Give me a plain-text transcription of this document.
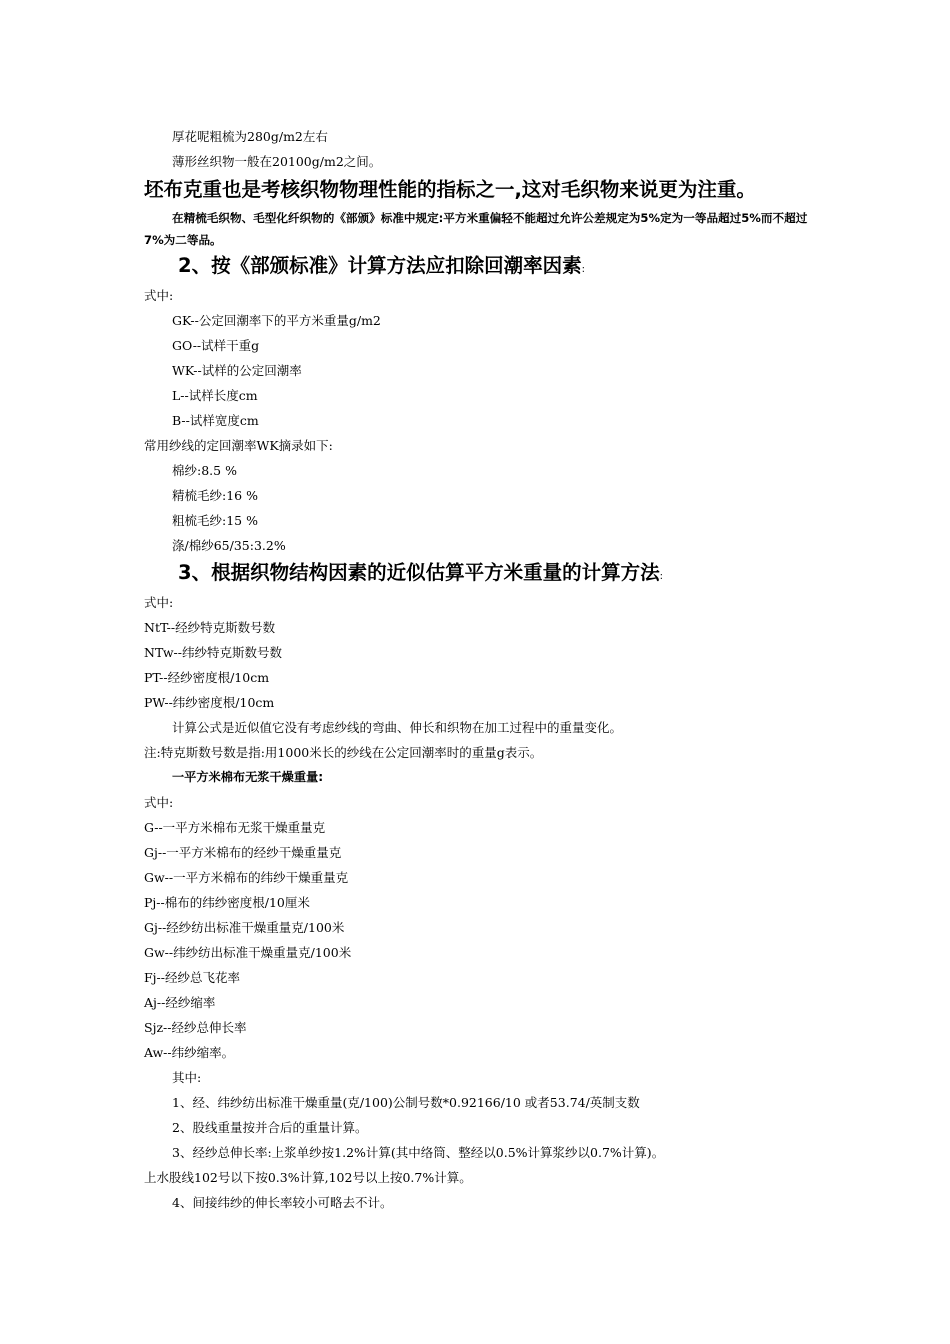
厚花呢粗梳为280g/m2左右
薄形丝织物一般在20100g/m2之间。
坯布克重也是考核织物物理性能的指标之一,这对毛织物来说更为注重。
在精梳毛织物、毛型化纤织物的《部颁》标准中规定:平方米重偏轻不能超过允许公差规定为5%定为一等品超过5%而不超过7%为二等品。
2、按《部颁标准》计算方法应扣除回潮率因素:
式中:
GK--公定回潮率下的平方米重量g/m2
GO--试样干重g
WK--试样的公定回潮率
L--试样长度cm
B--试样宽度cm
常用纱线的定回潮率WK摘录如下:
棉纱:8.5 %
精梳毛纱:16 %
粗梳毛纱:15 %
涤/棉纱65/35:3.2%
3、根据织物结构因素的近似估算平方米重量的计算方法:
式中:
NtT--经纱特克斯数号数
NTw--纬纱特克斯数号数
PT--经纱密度根/10cm
PW--纬纱密度根/10cm
计算公式是近似值它没有考虑纱线的弯曲、伸长和织物在加工过程中的重量变化。
注:特克斯数号数是指:用1000米长的纱线在公定回潮率时的重量g表示。
一平方米棉布无浆干燥重量:
式中:
G--一平方米棉布无浆干燥重量克
Gj--一平方米棉布的经纱干燥重量克
Gw--一平方米棉布的纬纱干燥重量克
Pj--棉布的纬纱密度根/10厘米
Gj--经纱纺出标准干燥重量克/100米
Gw--纬纱纺出标准干燥重量克/100米
Fj--经纱总飞花率
Aj--经纱缩率
Sjz--经纱总伸长率
Aw--纬纱缩率。
其中:
1、经、纬纱纺出标准干燥重量(克/100)公制号数*0.92166/10 或者53.74/英制支数
2、股线重量按并合后的重量计算。
3、经纱总伸长率:上浆单纱按1.2%计算(其中络筒、整经以0.5%计算浆纱以0.7%计算)。
上水股线102号以下按0.3%计算,102号以上按0.7%计算。
4、间接纬纱的伸长率较小可略去不计。
